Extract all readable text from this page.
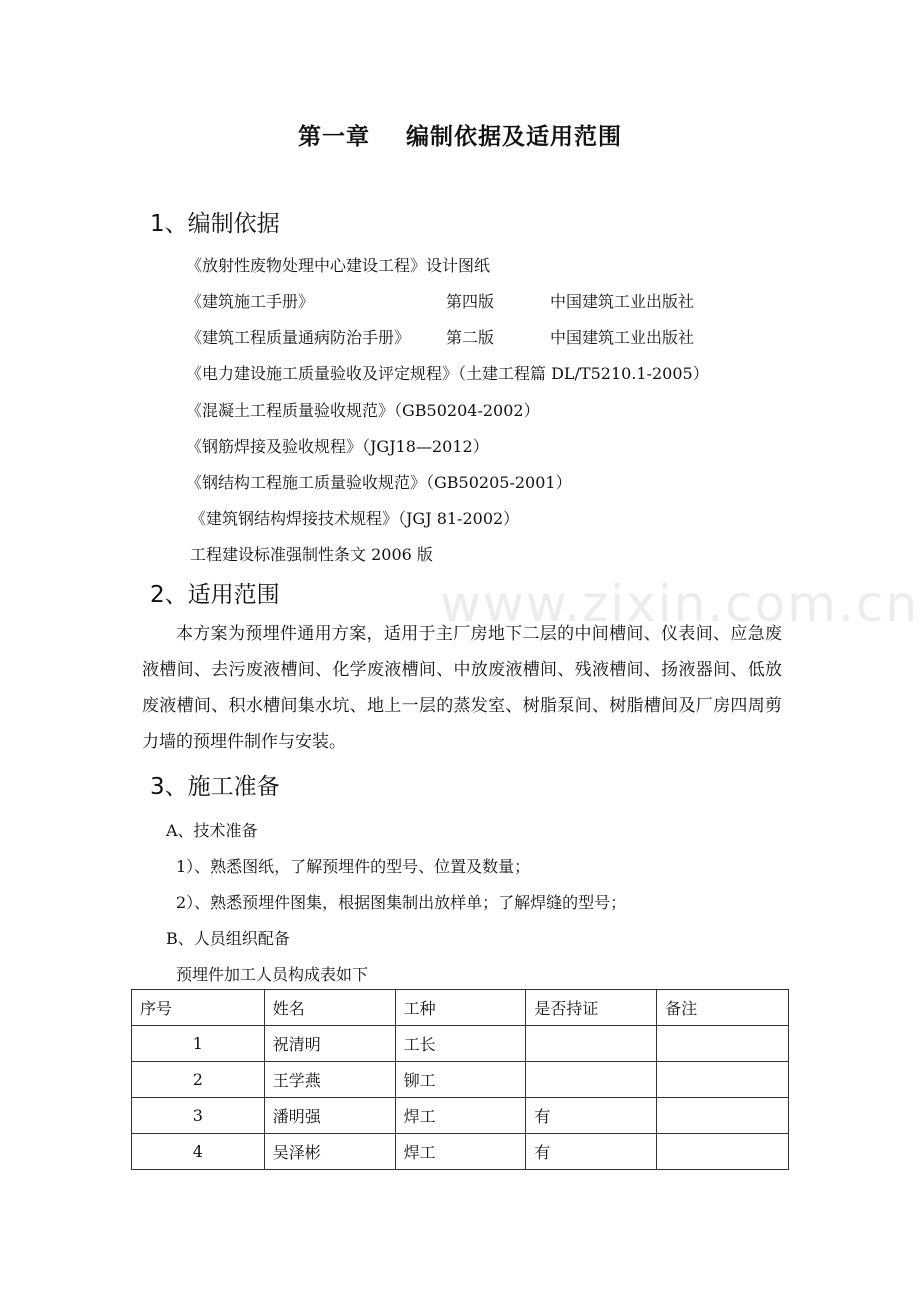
第一章 编制依据及适用范围
1、编制依据
《放射性废物处理中心建设工程》设计图纸
《建筑施工手册》	第四版	中国建筑工业出版社
《建筑工程质量通病防治手册》 第二版	中国建筑工业出版社
《电力建设施工质量验收及评定规程》（土建工程篇 DL/T5210.1-2005）
《混凝土工程质量验收规范》（GB50204-2002）
《钢筋焊接及验收规程》（JGJ18—2012）
《钢结构工程施工质量验收规范》（GB50205-2001）
《建筑钢结构焊接技术规程》（JGJ 81-2002）
工程建设标准强制性条文 2006 版
2、适用范围	www.zixin.com.cn
本方案为预埋件通用方案，适用于主厂房地下二层的中间槽间、仪表间、应急废液槽间、去污废液槽间、化学废液槽间、中放废液槽间、残液槽间、扬液器间、低放废液槽间、积水槽间集水坑、地上一层的蒸发室、树脂泵间、树脂槽间及厂房四周剪力墙的预埋件制作与安装。
3、施工准备
A、技术准备
1）、熟悉图纸，了解预埋件的型号、位置及数量；
2）、熟悉预埋件图集，根据图集制出放样单；了解焊缝的型号；
B、人员组织配备
预埋件加工人员构成表如下
序号	姓名	工种	是否持证	备注
1	祝清明	工长		
2	王学燕	铆工		
3	潘明强	焊工	有	
4	吴泽彬	焊工	有	
